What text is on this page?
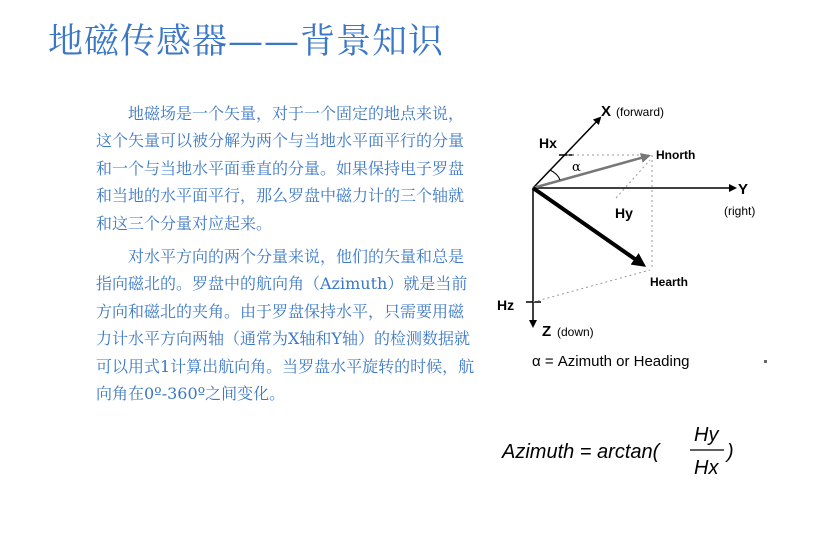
地磁传感器——背景知识

地磁场是一个矢量，对于一个固定的地点来说，这个矢量可以被分解为两个与当地水平面平行的分量和一个与当地水平面垂直的分量。如果保持电子罗盘和当地的水平面平行，那么罗盘中磁力计的三个轴就和这三个分量对应起来。

对水平方向的两个分量来说，他们的矢量和总是指向磁北的。罗盘中的航向角（Azimuth）就是当前方向和磁北的夹角。由于罗盘保持水平，只需要用磁力计水平方向两轴（通常为X轴和Y轴）的检测数据就可以用式1计算出航向角。当罗盘水平旋转的时候，航向角在0º-360º之间变化。

X (forward)
Y
(right)
Z (down)
Hx
Hy
Hz
Hnorth
Hearth
α
α = Azimuth or Heading
Azimuth = arctan(
Hy
Hx
)
